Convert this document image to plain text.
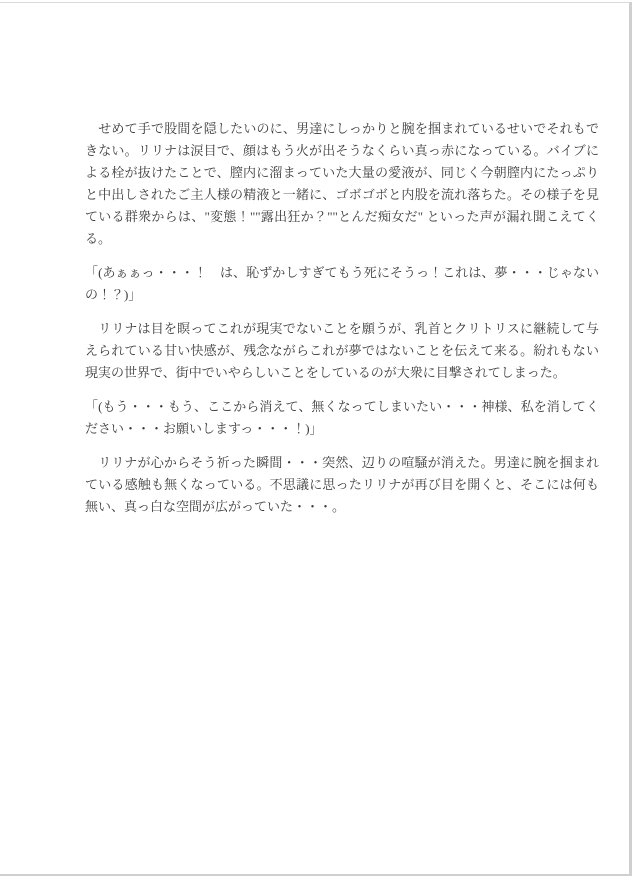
　せめて手で股間を隠したいのに、男達にしっかりと腕を掴まれているせいでそれもできない。リリナは涙目で、顔はもう火が出そうなくらい真っ赤になっている。バイブによる栓が抜けたことで、膣内に溜まっていた大量の愛液が、同じく今朝膣内にたっぷりと中出しされたご主人様の精液と一緒に、ゴボゴボと内股を流れ落ちた。その様子を見ている群衆からは、"変態！""露出狂か？""とんだ痴女だ" といった声が漏れ聞こえてくる。

「(あぁぁっ・・・！　は、恥ずかしすぎてもう死にそうっ！これは、夢・・・じゃないの！？)」

　リリナは目を瞑ってこれが現実でないことを願うが、乳首とクリトリスに継続して与えられている甘い快感が、残念ながらこれが夢ではないことを伝えて来る。紛れもない現実の世界で、街中でいやらしいことをしているのが大衆に目撃されてしまった。

「(もう・・・もう、ここから消えて、無くなってしまいたい・・・神様、私を消してください・・・お願いしますっ・・・！)」

　リリナが心からそう祈った瞬間・・・突然、辺りの喧騒が消えた。男達に腕を掴まれている感触も無くなっている。不思議に思ったリリナが再び目を開くと、そこには何も無い、真っ白な空間が広がっていた・・・。
